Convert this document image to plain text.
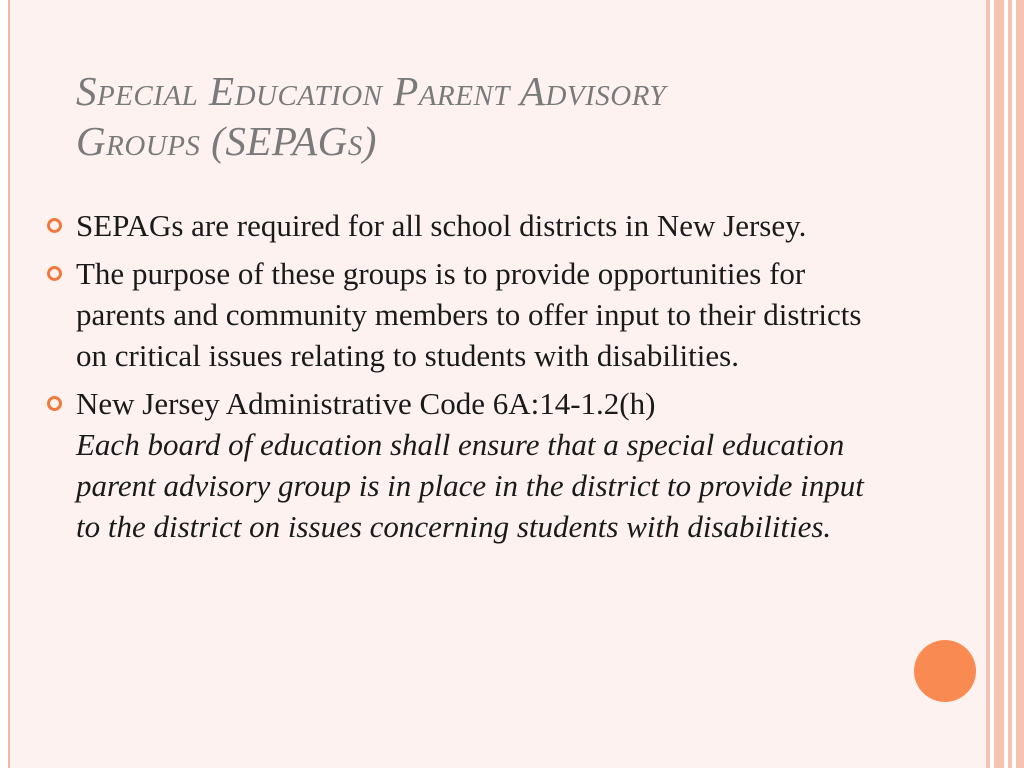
Special Education Parent Advisory
Groups (SEPAGs)

SEPAGs are required for all school districts in New Jersey.

The purpose of these groups is to provide opportunities for parents and community members to offer input to their districts on critical issues relating to students with disabilities.

New Jersey Administrative Code 6A:14-1.2(h)

Each board of education shall ensure that a special education parent advisory group is in place in the district to provide input to the district on issues concerning students with disabilities.
